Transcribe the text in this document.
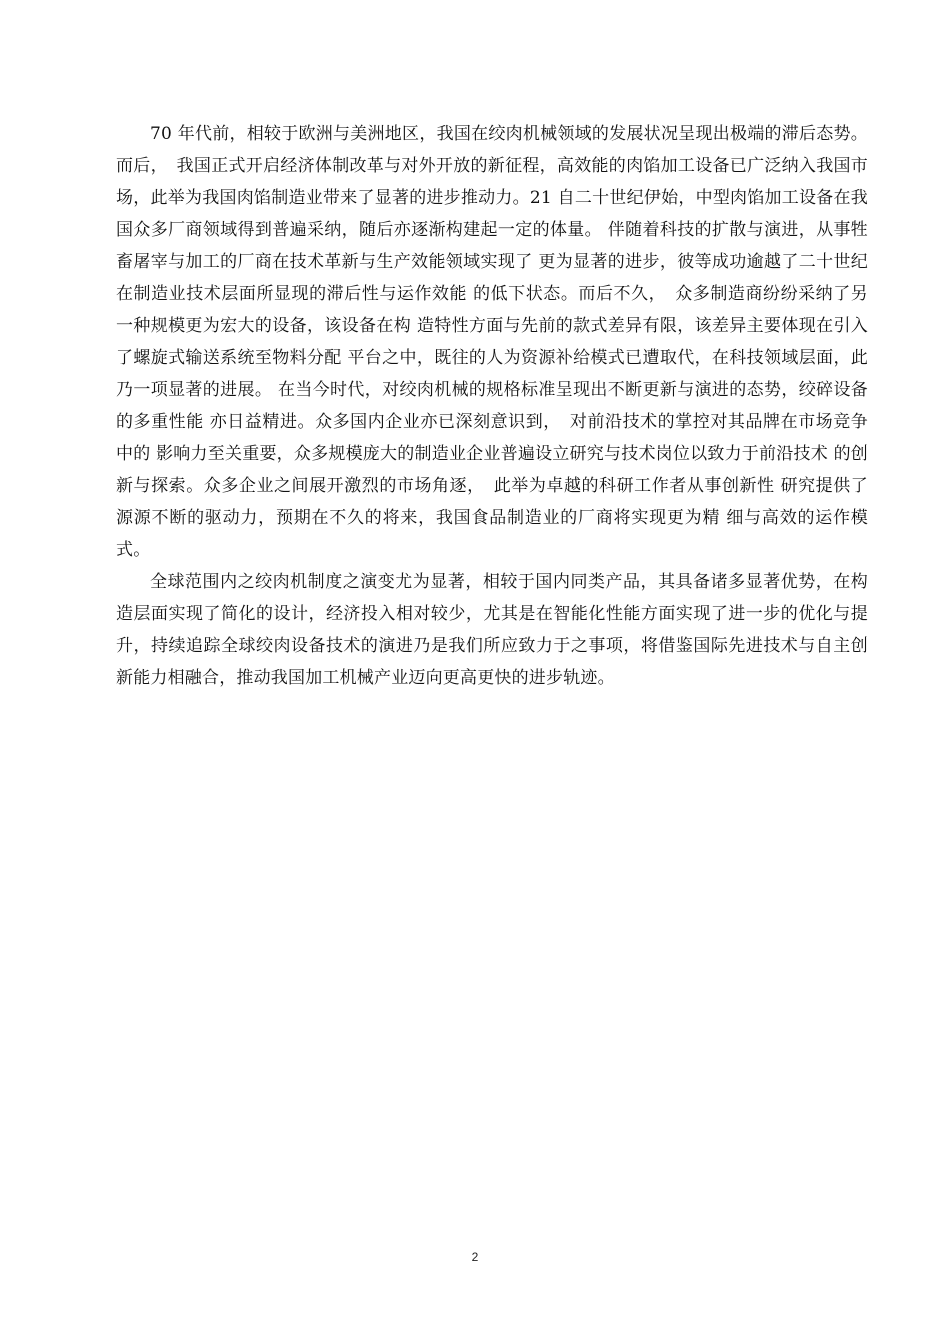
70 年代前，相较于欧洲与美洲地区，我国在绞肉机械领域的发展状况呈现出极端的滞后态势。而后，　我国正式开启经济体制改革与对外开放的新征程，高效能的肉馅加工设备已广泛纳入我国市场，此举为我国肉馅制造业带来了显著的进步推动力。21 自二十世纪伊始，中型肉馅加工设备在我国众多厂商领域得到普遍采纳，随后亦逐渐构建起一定的体量。 伴随着科技的扩散与演进，从事牲畜屠宰与加工的厂商在技术革新与生产效能领域实现了 更为显著的进步，彼等成功逾越了二十世纪在制造业技术层面所显现的滞后性与运作效能 的低下状态。而后不久，　众多制造商纷纷采纳了另一种规模更为宏大的设备，该设备在构 造特性方面与先前的款式差异有限，该差异主要体现在引入了螺旋式输送系统至物料分配 平台之中，既往的人为资源补给模式已遭取代，在科技领域层面，此乃一项显著的进展。 在当今时代，对绞肉机械的规格标准呈现出不断更新与演进的态势，绞碎设备的多重性能 亦日益精进。众多国内企业亦已深刻意识到，　对前沿技术的掌控对其品牌在市场竞争中的 影响力至关重要，众多规模庞大的制造业企业普遍设立研究与技术岗位以致力于前沿技术 的创新与探索。众多企业之间展开激烈的市场角逐，　此举为卓越的科研工作者从事创新性 研究提供了源源不断的驱动力，预期在不久的将来，我国食品制造业的厂商将实现更为精 细与高效的运作模式。

全球范围内之绞肉机制度之演变尤为显著，相较于国内同类产品，其具备诸多显著优势，在构造层面实现了简化的设计，经济投入相对较少，尤其是在智能化性能方面实现了进一步的优化与提升，持续追踪全球绞肉设备技术的演进乃是我们所应致力于之事项，将借鉴国际先进技术与自主创新能力相融合，推动我国加工机械产业迈向更高更快的进步轨迹。

2
